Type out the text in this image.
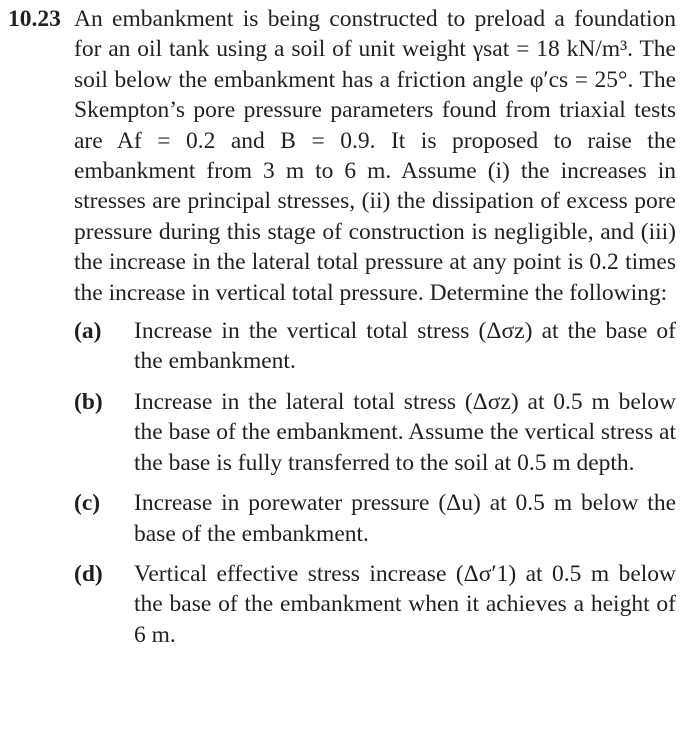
10.23 An embankment is being constructed to preload a foundation for an oil tank using a soil of unit weight γsat = 18 kN/m³. The soil below the embankment has a friction angle φ′cs = 25°. The Skempton’s pore pressure parameters found from triaxial tests are Af = 0.2 and B = 0.9. It is proposed to raise the embankment from 3 m to 6 m. Assume (i) the increases in stresses are principal stresses, (ii) the dissipation of excess pore pressure during this stage of construction is negligible, and (iii) the increase in the lateral total pressure at any point is 0.2 times the increase in vertical total pressure. Determine the following:

(a) Increase in the vertical total stress (Δσz) at the base of the embankment.
(b) Increase in the lateral total stress (Δσz) at 0.5 m below the base of the embankment. Assume the vertical stress at the base is fully transferred to the soil at 0.5 m depth.
(c) Increase in porewater pressure (Δu) at 0.5 m below the base of the embankment.
(d) Vertical effective stress increase (Δσ′1) at 0.5 m below the base of the embankment when it achieves a height of 6 m.
